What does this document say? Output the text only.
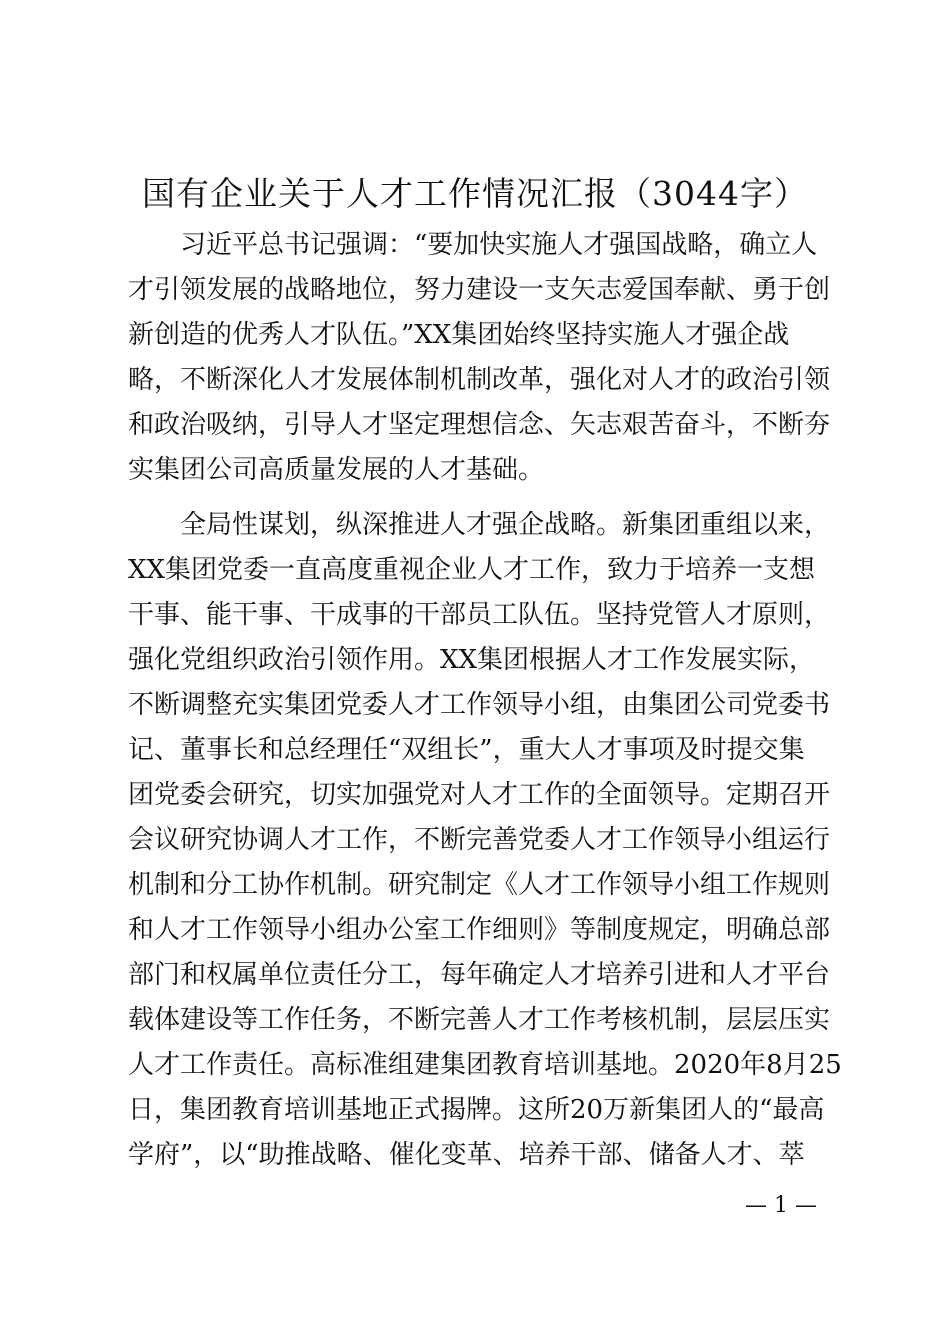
国有企业关于人才工作情况汇报（3044字）
　　习近平总书记强调：“要加快实施人才强国战略，确立人
才引领发展的战略地位，努力建设一支矢志爱国奉献、勇于创
新创造的优秀人才队伍。”XX集团始终坚持实施人才强企战
略，不断深化人才发展体制机制改革，强化对人才的政治引领
和政治吸纳，引导人才坚定理想信念、矢志艰苦奋斗，不断夯
实集团公司高质量发展的人才基础。
　　全局性谋划，纵深推进人才强企战略。新集团重组以来，
XX集团党委一直高度重视企业人才工作，致力于培养一支想
干事、能干事、干成事的干部员工队伍。坚持党管人才原则，
强化党组织政治引领作用。XX集团根据人才工作发展实际，
不断调整充实集团党委人才工作领导小组，由集团公司党委书
记、董事长和总经理任“双组长”，重大人才事项及时提交集
团党委会研究，切实加强党对人才工作的全面领导。定期召开
会议研究协调人才工作，不断完善党委人才工作领导小组运行
机制和分工协作机制。研究制定《人才工作领导小组工作规则
和人才工作领导小组办公室工作细则》等制度规定，明确总部
部门和权属单位责任分工，每年确定人才培养引进和人才平台
载体建设等工作任务，不断完善人才工作考核机制，层层压实
人才工作责任。高标准组建集团教育培训基地。2020年8月25
日，集团教育培训基地正式揭牌。这所20万新集团人的“最高
学府”，以“助推战略、催化变革、培养干部、储备人才、萃
— 1 —
